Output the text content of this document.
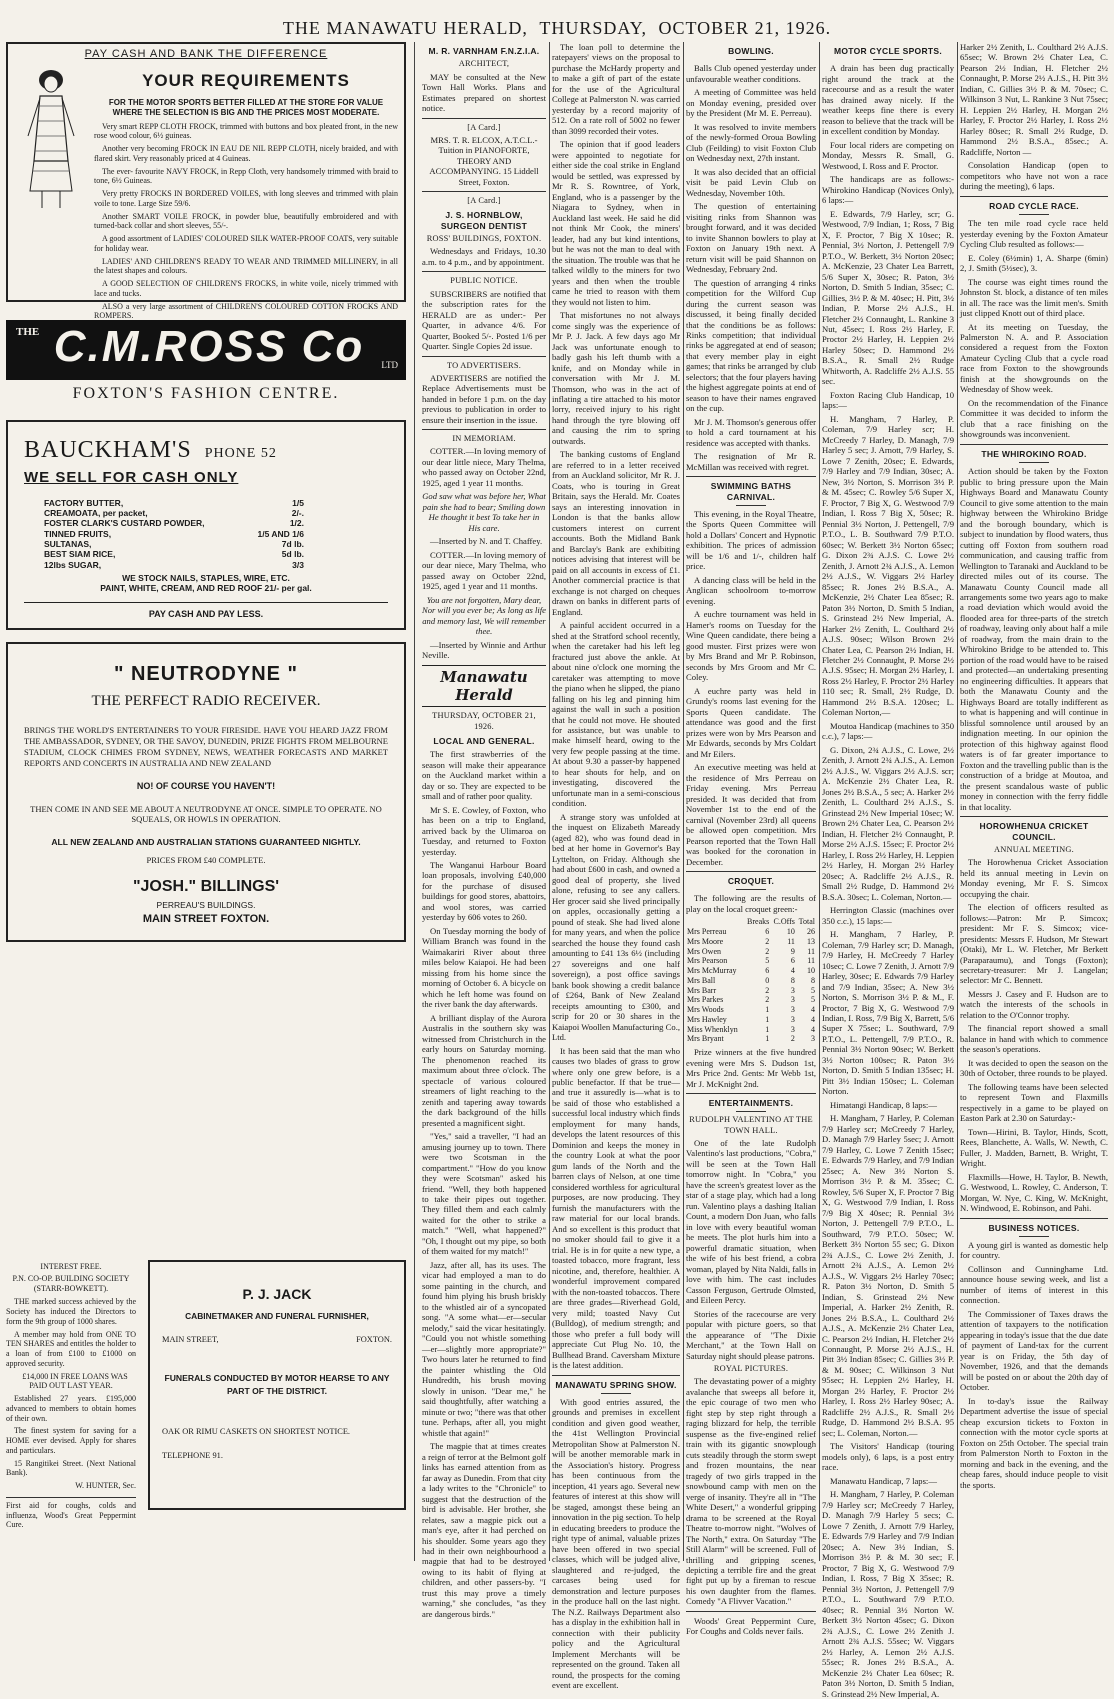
THE MANAWATU HERALD, THURSDAY, OCTOBER 21, 1926.
PAY CASH AND BANK THE DIFFERENCE
YOUR REQUIREMENTS
FOR THE MOTOR SPORTS BETTER FILLED AT THE STORE FOR VALUE WHERE THE SELECTION IS BIG AND THE PRICES MOST MODERATE.

Very smart REPP CLOTH FROCK, trimmed with buttons and box pleated front, in the new rose wood colour, 6½ guineas.

Another very becoming FROCK IN EAU DE NIL REPP CLOTH, nicely braided, and with flared skirt. Very reasonably priced at 4 Guineas.

The ever- favourite NAVY FROCK, in Repp Cloth, very handsomely trimmed with braid to tone, 6½ Guineas.

Very pretty FROCKS IN BORDERED VOILES, with long sleeves and trimmed with plain voile to tone. Large Size 59/6.

Another SMART VOILE FROCK, in powder blue, beautifully embroidered and with turned-back collar and short sleeves, 55/-.

A good assortment of LADIES' COLOURED SILK WATER-PROOF COATS, very suitable for holiday wear.

LADIES' AND CHILDREN'S READY TO WEAR AND TRIMMED MILLINERY, in all the latest shapes and colours.

A GOOD SELECTION OF CHILDREN'S FROCKS, in white voile, nicely trimmed with lace and tucks.

ALSO a very large assortment of CHILDREN'S COLOURED COTTON FROCKS AND ROMPERS.

THE C.M.ROSS Co	LTD
FOXTON'S FASHION CENTRE.
BAUCKHAM'S PHONE 52
WE SELL FOR CASH ONLY
FACTORY BUTTER,	1/5
CREAMOATA, per packet,	2/-.
FOSTER CLARK'S CUSTARD POWDER,	1/2.
TINNED FRUITS,	1/5 AND 1/6
SULTANAS,	7d lb.
BEST SIAM RICE,	5d lb.
12lbs SUGAR,	3/3
WE STOCK NAILS, STAPLES, WIRE, ETC.
PAINT, WHITE, CREAM, AND RED ROOF 21/- per gal.
PAY CASH AND PAY LESS.
" NEUTRODYNE "
THE PERFECT RADIO RECEIVER.
BRINGS THE WORLD'S ENTERTAINERS TO YOUR FIRESIDE. HAVE YOU HEARD JAZZ FROM THE AMBASSADOR, SYDNEY, OR THE SAVOY, DUNEDIN, PRIZE FIGHTS FROM MELBOURNE STADIUM, CLOCK CHIMES FROM SYDNEY, NEWS, WEATHER FORECASTS AND MARKET REPORTS AND CONCERTS IN AUSTRALIA AND NEW ZEALAND
NO! OF COURSE YOU HAVEN'T!
THEN COME IN AND SEE ME ABOUT A NEUTRODYNE AT ONCE. SIMPLE TO OPERATE. NO SQUEALS, OR HOWLS IN OPERATION.
ALL NEW ZEALAND AND AUSTRALIAN STATIONS GUARANTEED NIGHTLY.
PRICES FROM £40 COMPLETE.
"JOSH." BILLINGS'
PERREAU'S BUILDINGS.
MAIN STREET FOXTON.
INTEREST FREE.
P.N. CO-OP. BUILDING SOCIETY (STARR-BOWKETT).

THE marked success achieved by the Society has induced the Directors to form the 9th group of 1000 shares.

A member may hold from ONE TO TEN SHARES and entitles the holder to a loan of from £100 to £1000 on approved security.

£14,000 IN FREE LOANS WAS PAID OUT LAST YEAR.

Established 27 years. £195,000 advanced to members to obtain homes of their own.

The finest system for saving for a HOME ever devised. Apply for shares and particulars.

15 Rangitikei Street. (Next National Bank).

W. HUNTER, Sec.
First aid for coughs, colds and influenza, Wood's Great Peppermint Cure.
P. J. JACK
CABINETMAKER AND FUNERAL FURNISHER,
MAIN STREET,	FOXTON.
FUNERALS CONDUCTED BY MOTOR HEARSE TO ANY PART OF THE DISTRICT.
OAK OR RIMU CASKETS ON SHORTEST NOTICE.
TELEPHONE 91.
M. R. VARNHAM F.N.Z.I.A.
ARCHITECT,

MAY be consulted at the New Town Hall Works. Plans and Estimates prepared on shortest notice.

[A Card.]

MRS. T. R. ELCOX, A.T.C.L.- Tuition in PIANOFORTE, THEORY AND ACCOMPANYING. 15 Liddell Street, Foxton.

[A Card.]
J. S. HORNBLOW, SURGEON DENTIST
ROSS' BUILDINGS, FOXTON.

Wednesdays and Fridays, 10.30 a.m. to 4 p.m., and by appointment.

PUBLIC NOTICE.

SUBSCRIBERS are notified that the subscription rates for the HERALD are as under:- Per Quarter, in advance 4/6. For Quarter, Booked 5/-. Posted 1/6 per Quarter. Single Copies 2d issue.

TO ADVERTISERS.

ADVERTISERS are notified the Replace Advertisements must be handed in before 1 p.m. on the day previous to publication in order to ensure their insertion in the issue.

IN MEMORIAM.

COTTER.—In loving memory of our dear little niece, Mary Thelma, who passed away on October 22nd, 1925, aged 1 year 11 months.

God saw what was before her, What pain she had to bear; Smiling down He thought it best To take her in His care.

—Inserted by N. and T. Chaffey.

COTTER.—In loving memory of our dear niece, Mary Thelma, who passed away on October 22nd, 1925, aged 1 year and 11 months.

You are not forgotten, Mary dear, Nor will you ever be; As long as life and memory last, We will remember thee.

—Inserted by Winnie and Arthur Neville.

Manawatu Herald
THURSDAY, OCTOBER 21, 1926.
LOCAL AND GENERAL.

The first strawberries of the season will make their appearance on the Auckland market within a day or so. They are expected to be small and of rather poor quality.

Mr S. E. Cowley, of Foxton, who has been on a trip to England, arrived back by the Ulimaroa on Tuesday, and returned to Foxton yesterday.

The Wanganui Harbour Board loan proposals, involving £40,000 for the purchase of disused buildings for good stores, abattoirs, and wool stores, was carried yesterday by 606 votes to 260.

On Tuesday morning the body of William Branch was found in the Waimakariri River about three miles below Kaiapoi. He had been missing from his home since the morning of October 6. A bicycle on which he left home was found on the river bank the day afterwards.

A brilliant display of the Aurora Australis in the southern sky was witnessed from Christchurch in the early hours on Saturday morning. The phenomenon reached its maximum about three o'clock. The spectacle of various coloured streamers of light reaching to the zenith and tapering away towards the dark background of the hills presented a magnificent sight.

"Yes," said a traveller, "I had an amusing journey up to town. There were two Scotsman in the compartment." "How do you know they were Scotsman" asked his friend. "Well, they both happened to take their pipes out together. They filled them and each calmly waited for the other to strike a match." "Well, what happened?" "Oh, I thought out my pipe, so both of them waited for my match!"

Jazz, after all, has its uses. The vicar had employed a man to do some painting in the church, and found him plying his brush briskly to the whistled air of a syncopated song. "A some what—er—secular melody," said the vicar hesitatingly. "Could you not whistle something—er—slightly more appropriate?" Two hours later he returned to find the painter whistling the Old Hundredth, his brush moving slowly in unison. "Dear me," he said thoughtfully, after watching a minute or two; "there was that other tune. Perhaps, after all, you might whistle that again!"

The magpie that at times creates a reign of terror at the Belmont golf links has earned attention from as far away as Dunedin. From that city a lady writes to the "Chronicle" to suggest that the destruction of the bird is advisable. Her brother, she relates, saw a magpie pick out a man's eye, after it had perched on his shoulder. Some years ago they had in their own neighbourhood a magpie that had to be destroyed owing to its habit of flying at children, and other passers-by. "I trust this may prove a timely warning," she concludes, "as they are dangerous birds."

The loan poll to determine the ratepayers' views on the proposal to purchase the McHardy property and to make a gift of part of the estate for the use of the Agricultural College at Palmerston N. was carried yesterday by a record majority of 512. On a rate roll of 5002 no fewer than 3099 recorded their votes.

The opinion that if good leaders were appointed to negotiate for either side the coal strike in England would be settled, was expressed by Mr R. S. Rowntree, of York, England, who is a passenger by the Niagara to Sydney, when in Auckland last week. He said he did not think Mr Cook, the miners' leader, had any but kind intentions, but he was not the man to deal with the situation. The trouble was that he talked wildly to the miners for two years and then when the trouble came he tried to reason with them they would not listen to him.

That misfortunes no not always come singly was the experience of Mr P. J. Jack. A few days ago Mr Jack was unfortunate enough to badly gash his left thumb with a knife, and on Monday while in conversation with Mr J. M. Thomson, who was in the act of inflating a tire attached to his motor lorry, received injury to his right hand through the tyre blowing off and causing the rim to spring outwards.

The banking customs of England are referred to in a letter received from an Auckland solicitor, Mr R. J. Coats, who is touring in Great Britain, says the Herald. Mr. Coates says an interesting innovation in London is that the banks allow customers interest on current accounts. Both the Midland Bank and Barclay's Bank are exhibiting notices advising that interest will be paid on all accounts in excess of £1. Another commercial practice is that exchange is not charged on cheques drawn on banks in different parts of England.

A painful accident occurred in a shed at the Stratford school recently, when the caretaker had his left leg fractured just above the ankle. At about nine o'clock one morning the caretaker was attempting to move the piano when he slipped, the piano falling on his leg and pinning him against the wall in such a position that he could not move. He shouted for assistance, but was unable to make himself heard, owing to the very few people passing at the time. At about 9.30 a passer-by happened to hear shouts for help, and on investigating, discovered the unfortunate man in a semi-conscious condition.

A strange story was unfolded at the inquest on Elizabeth Maready (aged 82), who was found dead in bed at her home in Governor's Bay Lyttelton, on Friday. Although she had about £600 in cash, and owned a good deal of property, she lived alone, refusing to see any callers. Her grocer said she lived principally on apples, occasionally getting a pound of steak. She had lived alone for many years, and when the police searched the house they found cash amounting to £41 13s 6½ (including 27 sovereigns and one half sovereign), a post office savings bank book showing a credit balance of £264, Bank of New Zealand receipts amounting to £300, and scrip for 20 or 30 shares in the Kaiapoi Woollen Manufacturing Co., Ltd.

It has been said that the man who causes two blades of grass to grow where only one grew before, is a public benefactor. If that be true—and true it assuredly is—what is to be said of those who established a successful local industry which finds employment for many hands, develops the latent resources of this Dominion and keeps the money in the country Look at what the poor gum lands of the North and the barren clays of Nelson, at one time considered worthless for agricultural purposes, are now producing. They furnish the manufacturers with the raw material for our local brands. And so excellent is this product that no smoker should fail to give it a trial. He is in for quite a new type, a toasted tobacco, more fragrant, less nicotine, and, therefore, healthier. A wonderful improvement compared with the non-toasted tobaccos. There are three grades—Riverhead Gold, very mild; toasted Navy Cut (Bulldog), of medium strength; and those who prefer a full body will appreciate Cut Plug No. 10, the Bullhead Brand. Caversham Mixture is the latest addition.

MANAWATU SPRING SHOW.

With good entries assured, the grounds and premises in excellent condition and given good weather, the 41st Wellington Provincial Metropolitan Show at Palmerston N. will be another memorable mark in the Association's history. Progress has been continuous from the inception, 41 years ago. Several new features of interest at this show will be staged, amongst these being an innovation in the pig section. To help in educating breeders to produce the right type of animal, valuable prizes have been offered in two special classes, which will be judged alive, slaughtered and re-judged, the carcases being used for demonstration and lecture purposes in the produce hall on the last night. The N.Z. Railways Department also has a display in the exhibition hall in connection with their publicity policy and the Agricultural Implement Merchants will be represented on the ground. Taken all round, the prospects for the coming event are excellent.

BOWLING.

Balls Club opened yesterday under unfavourable weather conditions.

A meeting of Committee was held on Monday evening, presided over by the President (Mr M. E. Perreau).

It was resolved to invite members of the newly-formed Oroua Bowling Club (Feilding) to visit Foxton Club on Wednesday next, 27th instant.

It was also decided that an official visit be paid Levin Club on Wednesday, November 10th.

The question of entertaining visiting rinks from Shannon was brought forward, and it was decided to invite Shannon bowlers to play at Foxton on January 19th next. A return visit will be paid Shannon on Wednesday, February 2nd.

The question of arranging 4 rinks competition for the Wilford Cup during the current season was discussed, it being finally decided that the conditions be as follows: Rinks competition; that individual rinks be aggregated at end of season; that every member play in eight games; that rinks be arranged by club selectors; that the four players having the highest aggregate points at end of season to have their names engraved on the cup.

Mr J. M. Thomson's generous offer to hold a card tournament at his residence was accepted with thanks.

The resignation of Mr R. McMillan was received with regret.

SWIMMING BATHS CARNIVAL.

This evening, in the Royal Theatre, the Sports Queen Committee will hold a Dollars' Concert and Hypnotic exhibition. The prices of admission will be 1/6 and 1/-, children half price.

A dancing class will be held in the Anglican schoolroom to-morrow evening.

A euchre tournament was held in Hamer's rooms on Tuesday for the Wine Queen candidate, there being a good muster. First prizes were won by Mrs Brand and Mr P. Robinson, seconds by Mrs Groom and Mr C. Coley.

A euchre party was held in Grundy's rooms last evening for the Sports Queen candidate. The attendance was good and the first prizes were won by Mrs Pearson and Mr Edwards, seconds by Mrs Coldart and Mr Eilers.

An executive meeting was held at the residence of Mrs Perreau on Friday evening. Mrs Perreau presided. It was decided that from November 1st to the end of the carnival (November 23rd) all queens be allowed open competition. Mrs Pearson reported that the Town Hall was booked for the coronation in December.

CROQUET.

The following are the results of play on the local croquet green:-

	Breaks	C.Offs	Total
Mrs Perreau	6	10	26
Mrs Moore	2	11	13
Mrs Owen	2	9	11
Mrs Pearson	5	6	11
Mrs McMurray	6	4	10
Mrs Ball	0	8	8
Mrs Barr	2	3	5
Mrs Parkes	2	3	5
Mrs Woods	1	3	4
Mrs Hawley	1	3	4
Miss Whenklyn	1	3	4
Mrs Bryant	1	2	3

Prize winners at the five hundred evening were Mrs S. Dudson 1st, Mrs Price 2nd. Gents: Mr Webb 1st, Mr J. McKnight 2nd.

ENTERTAINMENTS.
RUDOLPH VALENTINO AT THE TOWN HALL.

One of the late Rudolph Valentino's last productions, "Cobra," will be seen at the Town Hall tomorrow night. In "Cobra," you have the screen's greatest lover as the star of a stage play, which had a long run. Valentino plays a dashing Italian Count, a modern Don Juan, who falls in love with every beautiful woman he meets. The plot hurls him into a powerful dramatic situation, when the wife of his best friend, a cobra woman, played by Nita Naldi, falls in love with him. The cast includes Casson Ferguson, Gertrude Olmsted, and Eileen Percy.

Stories of the racecourse are very popular with picture goers, so that the appearance of "The Dixie Merchant," at the Town Hall on Saturday night should please patrons.

ROYAL PICTURES.

The devastating power of a mighty avalanche that sweeps all before it, the epic courage of two men who fight step by step right through a raging blizzard for help, the terrible suspense as the five-engined relief train with its gigantic snowplough cuts steadily through the storm swept and frozen mountains, the near tragedy of two girls trapped in the snowbound camp with men on the verge of insanity. They're all in "The White Desert," a wonderful gripping drama to be screened at the Royal Theatre to-morrow night. "Wolves of The North," extra. On Saturday "The Still Alarm" will be screened. Full of thrilling and gripping scenes, depicting a terrible fire and the great fight put up by a fireman to rescue his own daughter from the flames. Comedy "A Flivver Vacation."

Woods' Great Peppermint Cure, For Coughs and Colds never fails.

MOTOR CYCLE SPORTS.

A drain has been dug practically right around the track at the racecourse and as a result the water has drained away nicely. If the weather keeps fine there is every reason to believe that the track will be in excellent condition by Monday.

Four local riders are competing on Monday, Messrs R. Small, G. Westwood, I. Ross and F. Proctor.

The handicaps are as follows:- Whirokino Handicap (Novices Only), 6 laps:—

E. Edwards, 7/9 Harley, scr; G. Westwood, 7/9 Indian, 1; Ross, 7 Big X, F. Proctor, 7 Big X 10sec; R. Pennial, 3½ Norton, J. Pettengell 7/9 P.T.O., W. Berkett, 3½ Norton 20sec; A. McKenzie, 23 Chater Lea Barrett, 5/6 Super X, 30sec; R. Paton, 3½ Norton, D. Smith 5 Indian, 35sec; C. Gillies, 3½ P. & M. 40sec; H. Pitt, 3½ Indian, P. Morse 2½ A.J.S., H. Fletcher 2½ Connaught, L. Rankine 3 Nut, 45sec; I. Ross 2½ Harley, F. Proctor 2½ Harley, H. Leppien 2½ Harley 50sec; D. Hammond 2½ B.S.A., R. Small 2½ Rudge Whitworth, A. Radcliffe 2½ A.J.S. 55 sec.

Foxton Racing Club Handicap, 10 laps:—

H. Mangham, 7 Harley, P. Coleman, 7/9 Harley scr; H. McCreedy 7 Harley, D. Managh, 7/9 Harley 5 sec; J. Arnott, 7/9 Harley, S. Lowe 7 Zenith, 20sec; E. Edwards, 7/9 Harley and 7/9 Indian, 30sec; A. New, 3½ Norton, S. Morrison 3½ P. & M. 45sec; C. Rowley 5/6 Super X, F. Proctor, 7 Big X, G. Westwood 7/9 Indian, I. Ross 7 Big X, 50sec; R. Pennial 3½ Norton, J. Pettengell, 7/9 P.T.O., L. B. Southward 7/9 P.T.O. 60sec; W. Berkett 3½ Norton 65sec; G. Dixon 2¾ A.J.S. C. Lowe 2½ Zenith, J. Arnott 2¾ A.J.S., A. Lemon 2½ A.J.S., W. Viggars 2½ Harley 85sec; R. Jones 2½ B.S.A., A. McKenzie, 2½ Chater Lea 85sec; R. Paton 3½ Norton, D. Smith 5 Indian, S. Grinstead 2½ New Imperial, A. Harker 2½ Zenith, L. Coulthard 2½ A.J.S. 90sec; Wilson Brown 2½ Chater Lea, C. Pearson 2½ Indian, H. Fletcher 2½ Connaught, P. Morse 2½ A.J.S. 95sec; H. Morgan 2½ Harley, I. Ross 2½ Harley, F. Proctor 2½ Harley 110 sec; R. Small, 2½ Rudge, D. Hammond 2½ B.S.A. 120sec; L. Coleman Norton,—

Moutoa Handicap (machines to 350 c.c.), 7 laps:—

G. Dixon, 2¾ A.J.S., C. Lowe, 2½ Zenith, J. Arnott 2¾ A.J.S., A. Lemon 2½ A.J.S., W. Viggars 2½ A.J.S. scr; A. McKenzie 2½ Chater Lea, R. Jones 2½ B.S.A., 5 sec; A. Harker 2½ Zenith, L. Coulthard 2½ A.J.S., S. Grinstead 2½ New Imperial 10sec; W. Brown 2½ Chater Lea, C. Pearson 2½ Indian, H. Fletcher 2½ Connaught, P. Morse 2½ A.J.S. 15sec; F. Proctor 2½ Harley, I. Ross 2½ Harley, H. Leppien 2½ Harley, H. Morgan 2½ Harley 20sec; A. Radcliffe 2½ A.J.S., R. Small 2½ Rudge, D. Hammond 2½ B.S.A. 30sec; L. Coleman, Norton.—

Herrington Classic (machines over 350 c.c.), 15 laps:—

H. Mangham, 7 Harley, P. Coleman, 7/9 Harley scr; D. Managh, 7/9 Harley, H. McCreedy 7 Harley 10sec; C. Lowe 7 Zenith, J. Arnott 7/9 Harley, 30sec; E. Edwards 7/9 Harley and 7/9 Indian, 35sec; A. New 3½ Norton, S. Morrison 3½ P. & M., F. Proctor, 7 Big X, G. Westwood 7/9 Indian, I. Ross, 7/9 Big X, Barrett, 5/6 Super X 75sec; L. Southward, 7/9 P.T.O., L. Pettengell, 7/9 P.T.O., R. Pennial 3½ Norton 90sec; W. Berkett 3½ Norton 100sec; R. Paton 3½ Norton, D. Smith 5 Indian 135sec; H. Pitt 3½ Indian 150sec; L. Coleman Norton.

Himatangi Handicap, 8 laps:—

H. Mangham, 7 Harley, P. Coleman 7/9 Harley scr; McCreedy 7 Harley, D. Managh 7/9 Harley 5sec; J. Arnott 7/9 Harley, C. Lowe 7 Zenith 15sec; E. Edwards 7/9 Harley, and 7/9 Indian 25sec; A. New 3½ Norton S. Morrison 3½ P. & M. 35sec; C. Rowley, 5/6 Super X, F. Proctor 7 Big X, G. Westwood 7/9 Indian, I. Ross 7/9 Big X 40sec; R. Pennial 3½ Norton, J. Pettengell 7/9 P.T.O., L. Southward, 7/9 P.T.O. 50sec; W. Berkett 3½ Norton 55 sec; G. Dixon 2¾ A.J.S., C. Lowe 2½ Zenith, J. Arnott 2¾ A.J.S., A. Lemon 2½ A.J.S., W. Viggars 2½ Harley 70sec; R. Paton 3½ Norton, D. Smith 5 Indian, S. Grinstead 2½ New Imperial, A. Harker 2½ Zenith, R. Jones 2½ B.S.A., L. Coulthard 2½ A.J.S., A. McKenzie 2½ Chater Lea, C. Pearson 2½ Indian, H. Fletcher 2½ Connaught, P. Morse 2½ A.J.S., H. Pitt 3½ Indian 85sec; C. Gillies 3½ P. & M. 90sec; C. Wilkinson 3 Nut 95sec; H. Leppien 2½ Harley, H. Morgan 2½ Harley, F. Proctor 2½ Harley, I. Ross 2½ Harley 90sec; A. Radcliffe 2½ A.J.S., R. Small 2½ Rudge, D. Hammond 2½ B.S.A. 95 sec; L. Coleman, Norton.—

The Visitors' Handicap (touring models only), 6 laps, is a post entry race.

Manawatu Handicap, 7 laps:—

H. Mangham, 7 Harley, P. Coleman 7/9 Harley scr; McCreedy 7 Harley, D. Managh 7/9 Harley 5 secs; C. Lowe 7 Zenith, J. Arnott 7/9 Harley, E. Edwards 7/9 Harley and 7/9 Indian 20sec; A. New 3½ Indian, S. Morrison 3½ P. & M. 30 sec; F. Proctor, 7 Big X, G. Westwood 7/9 Indian, I. Ross, 7 Big X 35sec; R. Pennial 3½ Norton, J. Pettengell 7/9 P.T.O., L. Southward 7/9 P.T.O. 40sec; R. Pennial 3½ Norton W. Berkett 3½ Norton 45sec; G. Dixon 2¾ A.J.S., C. Lowe 2½ Zenith J. Arnott 2¾ A.J.S. 55sec; W. Viggars 2½ Harley, A. Lemon 2½ A.J.S. 55sec; R. Jones 2½ B.S.A., A. McKenzie 2½ Chater Lea 60sec; R. Paton 3½ Norton, D. Smith 5 Indian, S. Grinstead 2½ New Imperial, A.

Harker 2½ Zenith, L. Coulthard 2½ A.J.S. 65sec; W. Brown 2½ Chater Lea, C. Pearson 2½ Indian, H. Fletcher 2½ Connaught, P. Morse 2½ A.J.S., H. Pitt 3½ Indian, C. Gillies 3½ P. & M. 70sec; C. Wilkinson 3 Nut, L. Rankine 3 Nut 75sec; H. Leppien 2½ Harley, H. Morgan 2½ Harley, F. Proctor 2½ Harley, I. Ross 2½ Harley 80sec; R. Small 2½ Rudge, D. Hammond 2½ B.S.A., 85sec.; A. Radcliffe, Norton —

Consolation Handicap (open to competitors who have not won a race during the meeting), 6 laps.

ROAD CYCLE RACE.

The ten mile road cycle race held yesterday evening by the Foxton Amateur Cycling Club resulted as follows:—

E. Coley (6½min) 1, A. Sharpe (6min) 2, J. Smith (5½sec), 3.

The course was eight times round the Johnston St. block, a distance of ten miles in all. The race was the limit men's. Smith just clipped Knott out of third place.

At its meeting on Tuesday, the Palmerston N. A. and P. Association considered a request from the Foxton Amateur Cycling Club that a cycle road race from Foxton to the showgrounds finish at the showgrounds on the Wednesday of Show week.

On the recommendation of the Finance Committee it was decided to inform the club that a race finishing on the showgrounds was inconvenient.

THE WHIROKINO ROAD.

Action should be taken by the Foxton public to bring pressure upon the Main Highways Board and Manawatu County Council to give some attention to the main highway between the Whirokino Bridge and the borough boundary, which is subject to inundation by flood waters, thus cutting off Foxton from southern road communication, and causing traffic from Wellington to Taranaki and Auckland to be directed miles out of its course. The Manawatu County Council made all arrangements some two years ago to make a road deviation which would avoid the flooded area for three-parts of the stretch of roadway, leaving only about half a mile of roadway, from the main drain to the Whirokino Bridge to be attended to. This portion of the road would have to be raised and protected—an undertaking presenting no engineering difficulties. It appears that both the Manawatu County and the Highways Board are totally indifferent as to what is happening and will continue in blissful somnolence until aroused by an indignation meeting. In our opinion the protection of this highway against flood waters is of far greater importance to Foxton and the travelling public than is the construction of a bridge at Moutoa, and the present scandalous waste of public money in connection with the ferry fiddle in that locality.

HOROWHENUA CRICKET COUNCIL.
ANNUAL MEETING.

The Horowhenua Cricket Association held its annual meeting in Levin on Monday evening, Mr F. S. Simcox occupying the chair.

The election of officers resulted as follows:—Patron: Mr P. Simcox; president: Mr F. S. Simcox; vice-presidents: Messrs F. Hudson, Mr Stewart (Otaki), Mr L. W. Fletcher, Mr Berkett (Paraparaumu), and Tongs (Foxton); secretary-treasurer: Mr J. Langelan; selector: Mr C. Bennett.

Messrs J. Casey and F. Hudson are to watch the interests of the schools in relation to the O'Connor trophy.

The financial report showed a small balance in hand with which to commence the season's operations.

It was decided to open the season on the 30th of October, three rounds to be played.

The following teams have been selected to represent Town and Flaxmills respectively in a game to be played on Easton Park at 2.30 on Saturday:-

Town—Hirini, B. Taylor, Hinds, Scott, Rees, Blanchette, A. Walls, W. Newth, C. Fuller, J. Madden, Barnett, B. Wright, T. Wright.

Flaxmills—Howe, H. Taylor, B. Newth, G. Westwood, L. Rowley, C. Anderson, T. Morgan, W. Nye, C. King, W. McKnight, N. Windwood, E. Robinson, and Pahi.

BUSINESS NOTICES.

A young girl is wanted as domestic help for country.

Collinson and Cunninghame Ltd. announce house sewing week, and list a number of items of interest in this connection.

The Commissioner of Taxes draws the attention of taxpayers to the notification appearing in today's issue that the due date of payment of Land-tax for the current year is on Friday, the 5th day of November, 1926, and that the demands will be posted on or about the 20th day of October.

In to-day's issue the Railway Department advertise the issue of special cheap excursion tickets to Foxton in connection with the motor cycle sports at Foxton on 25th October. The special train from Palmerston North to Foxton in the morning and back in the evening, and the cheap fares, should induce people to visit the sports.
